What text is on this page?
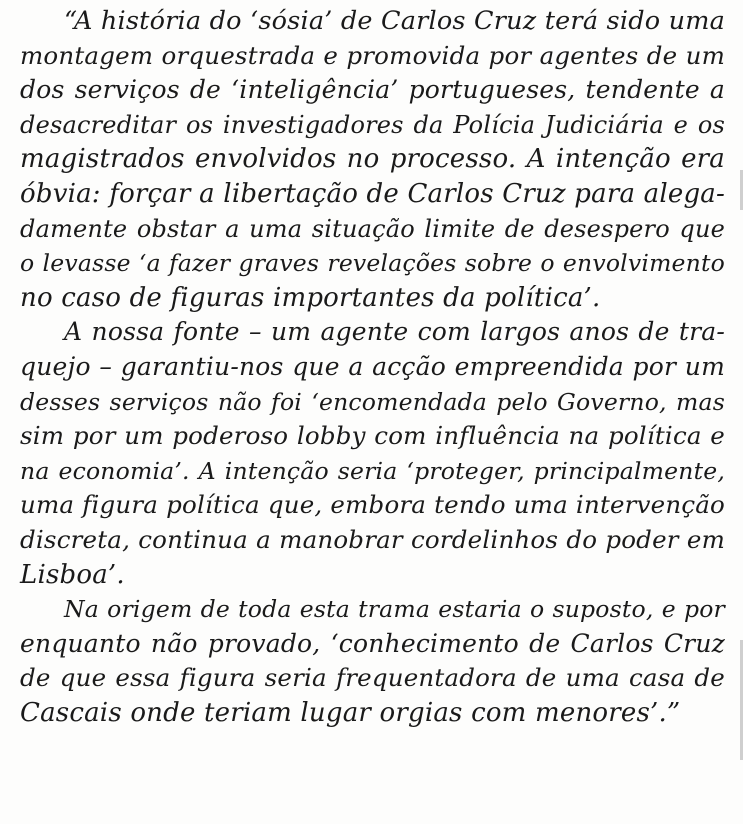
“A história do ‘sósia’ de Carlos Cruz terá sido uma
montagem orquestrada e promovida por agentes de um
dos serviços de ‘inteligência’ portugueses, tendente a
desacreditar os investigadores da Polícia Judiciária e os
magistrados envolvidos no processo. A intenção era
óbvia: forçar a libertação de Carlos Cruz para alega-
damente obstar a uma situação limite de desespero que
o levasse ‘a fazer graves revelações sobre o envolvimento
no caso de figuras importantes da política’.
A nossa fonte – um agente com largos anos de tra-
quejo – garantiu-nos que a acção empreendida por um
desses serviços não foi ‘encomendada pelo Governo, mas
sim por um poderoso lobby com influência na política e
na economia’. A intenção seria ‘proteger, principalmente,
uma figura política que, embora tendo uma intervenção
discreta, continua a manobrar cordelinhos do poder em
Lisboa’.
Na origem de toda esta trama estaria o suposto, e por
enquanto não provado, ‘conhecimento de Carlos Cruz
de que essa figura seria frequentadora de uma casa de
Cascais onde teriam lugar orgias com menores’.”
